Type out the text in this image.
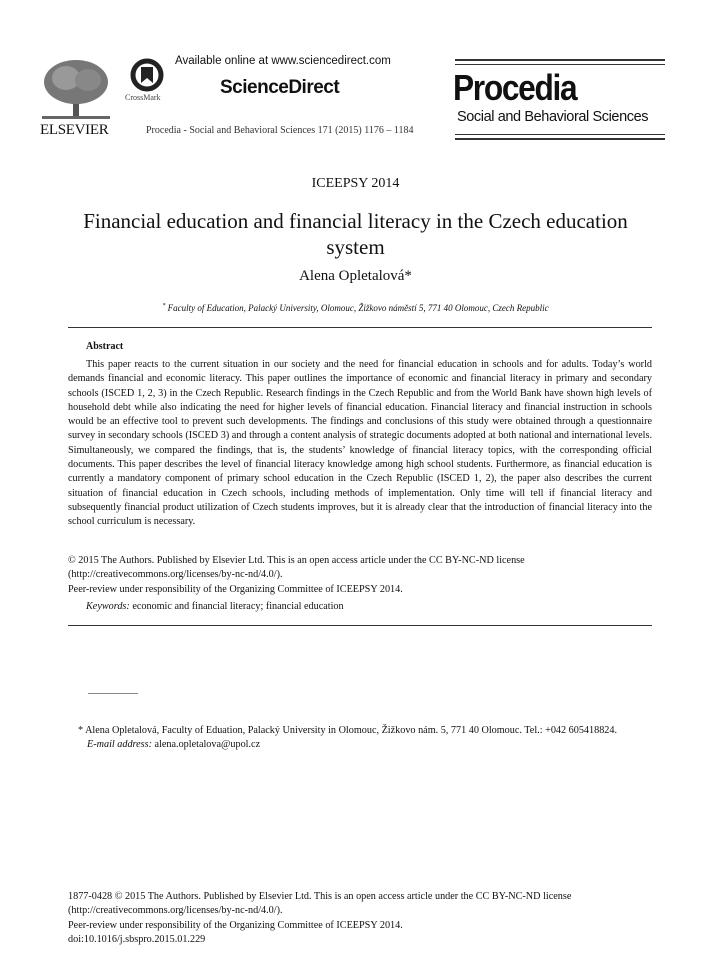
ELSEVIER
CrossMark
Available online at www.sciencedirect.com
ScienceDirect
Procedia - Social and Behavioral Sciences 171 (2015) 1176 – 1184
Procedia
Social and Behavioral Sciences
ICEEPSY 2014
Financial education and financial literacy in the Czech education system
Alena Opletalová*
* Faculty of Education, Palacký University, Olomouc, Žižkovo náměstí 5, 771 40 Olomouc, Czech Republic
Abstract
This paper reacts to the current situation in our society and the need for financial education in schools and for adults. Today’s world demands financial and economic literacy. This paper outlines the importance of economic and financial literacy in primary and secondary schools (ISCED 1, 2, 3) in the Czech Republic. Research findings in the Czech Republic and from the World Bank have shown high levels of household debt while also indicating the need for higher levels of financial education. Financial literacy and financial instruction in schools would be an effective tool to prevent such developments. The findings and conclusions of this study were obtained through a questionnaire survey in secondary schools (ISCED 3) and through a content analysis of strategic documents adopted at both national and international levels. Simultaneously, we compared the findings, that is, the students’ knowledge of financial literacy topics, with the corresponding official documents. This paper describes the level of financial literacy knowledge among high school students. Furthermore, as financial education is currently a mandatory component of primary school education in the Czech Republic (ISCED 1, 2), the paper also describes the current situation of financial education in Czech schools, including methods of implementation. Only time will tell if financial literacy and subsequently financial product utilization of Czech students improves, but it is already clear that the introduction of financial literacy into the school curriculum is necessary.
© 2015 The Authors. Published by Elsevier Ltd. This is an open access article under the CC BY-NC-ND license
(http://creativecommons.org/licenses/by-nc-nd/4.0/).
Peer-review under responsibility of the Organizing Committee of ICEEPSY 2014.
Keywords: economic and financial literacy; financial education
* Alena Opletalová, Faculty of Eduation, Palacký University in Olomouc, Žižkovo nám. 5, 771 40 Olomouc. Tel.: +042 605418824.
E-mail address: alena.opletalova@upol.cz
1877-0428 © 2015 The Authors. Published by Elsevier Ltd. This is an open access article under the CC BY-NC-ND license
(http://creativecommons.org/licenses/by-nc-nd/4.0/).
Peer-review under responsibility of the Organizing Committee of ICEEPSY 2014.
doi:10.1016/j.sbspro.2015.01.229
